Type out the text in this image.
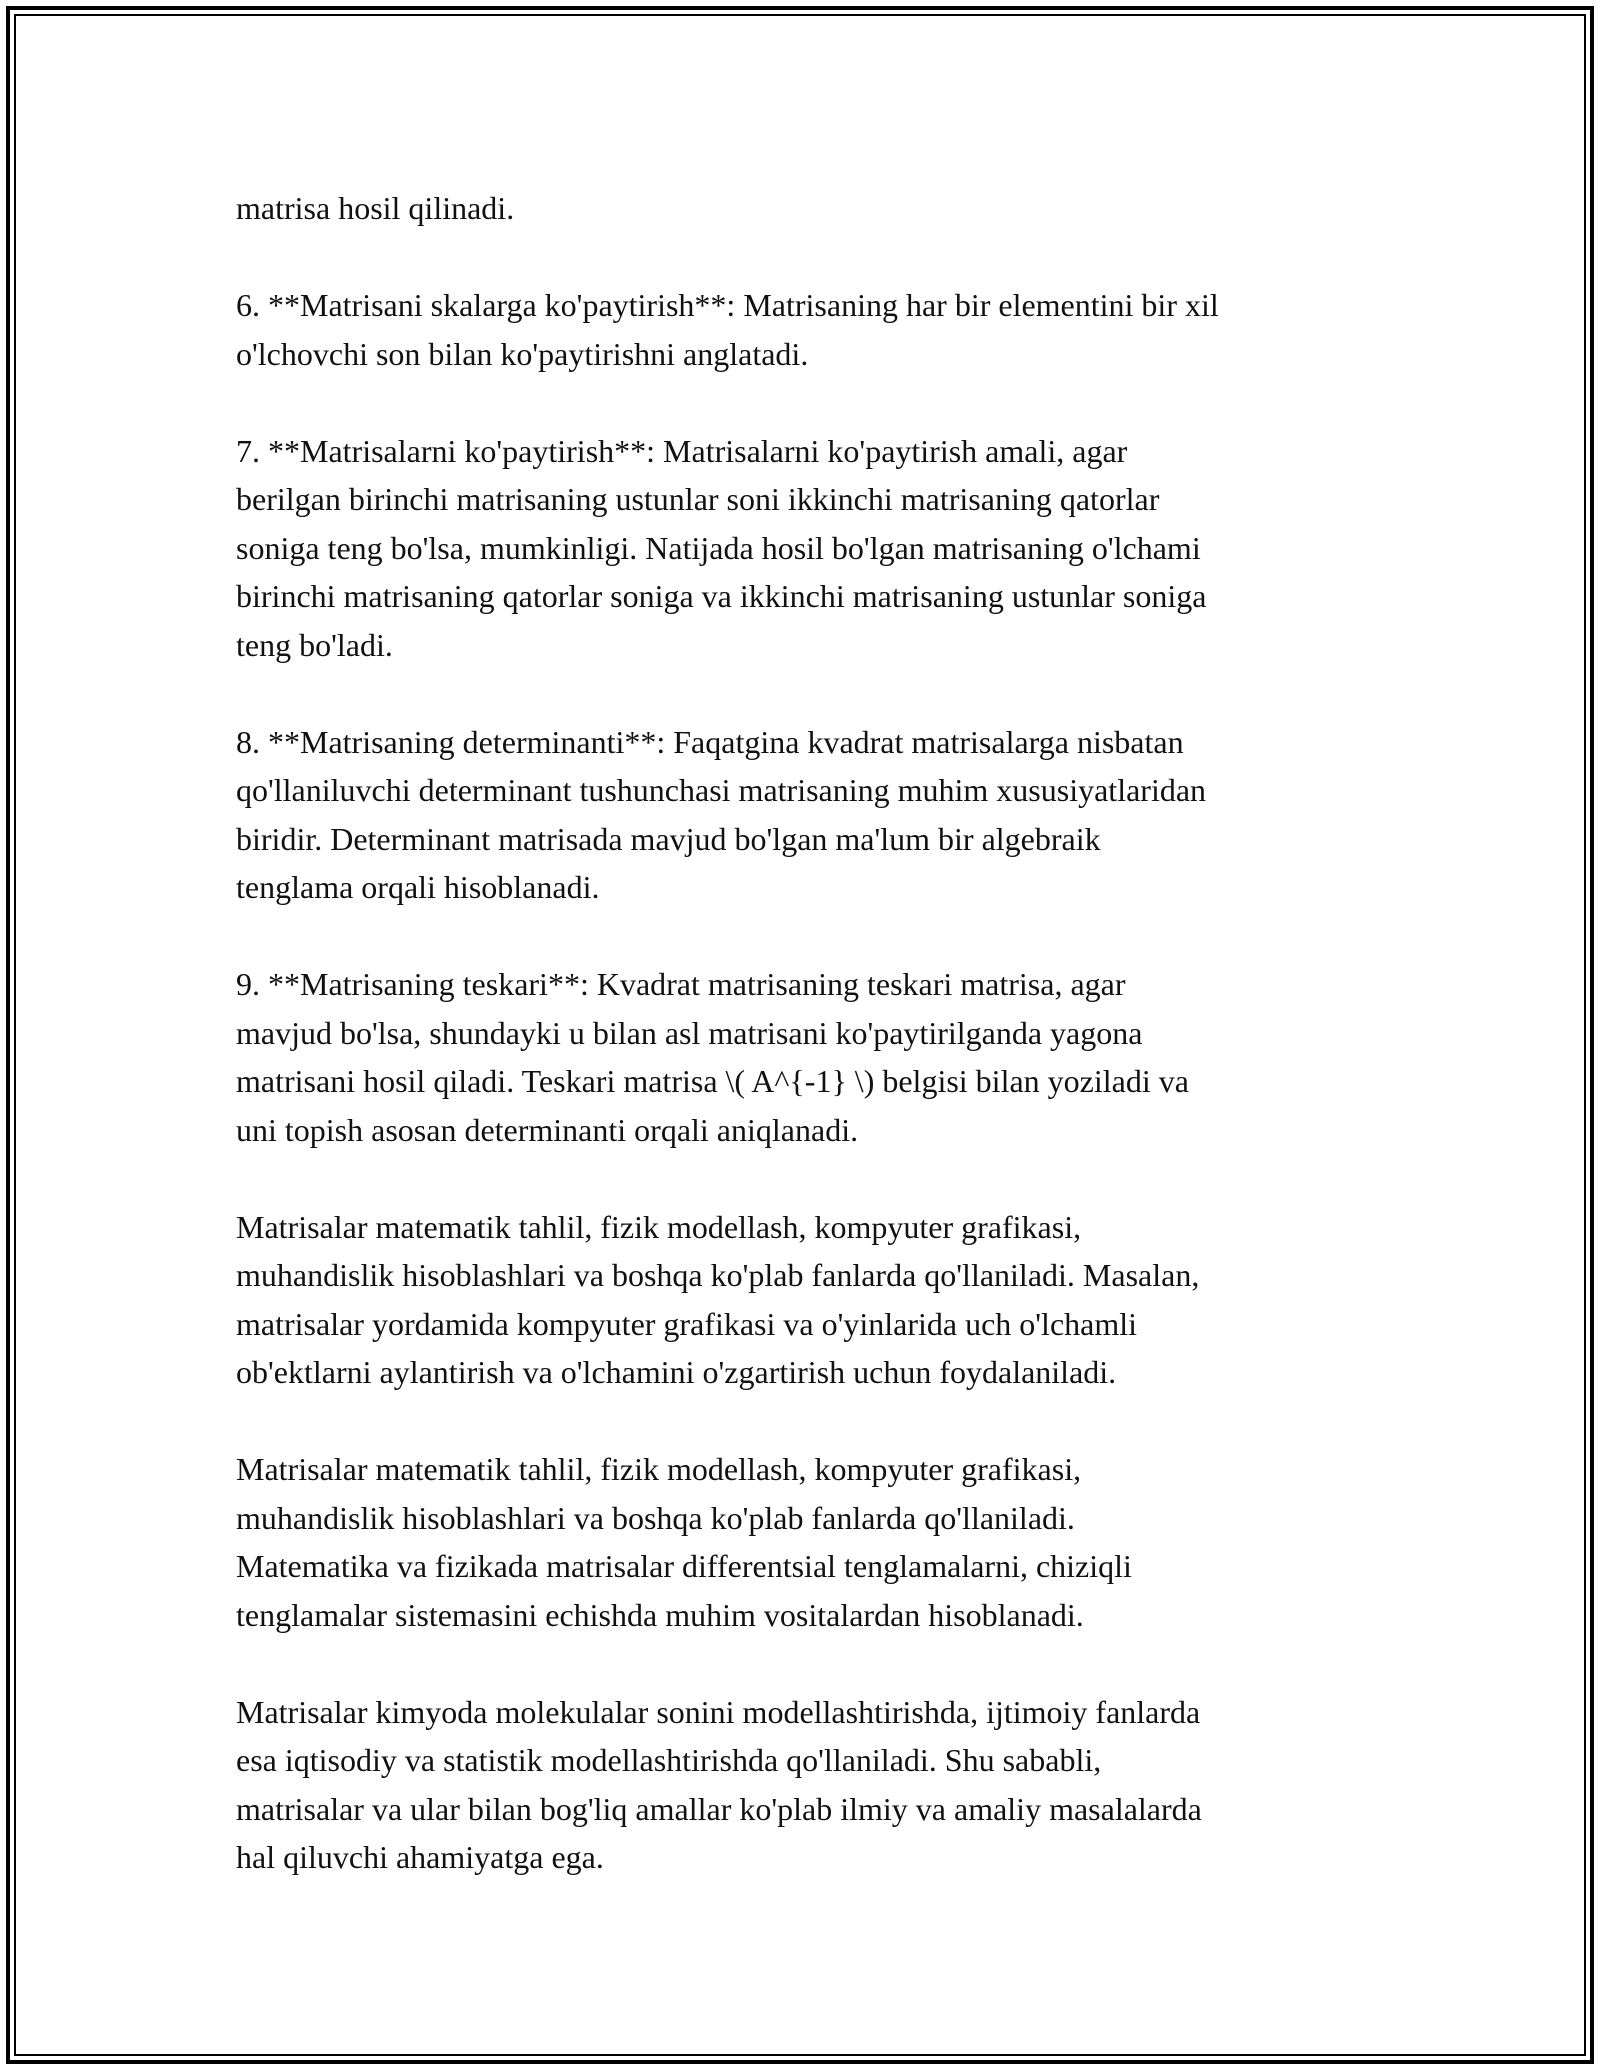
matrisa hosil qilinadi.

6. **Matrisani skalarga ko'paytirish**: Matrisaning har bir elementini bir xil
o'lchovchi son bilan ko'paytirishni anglatadi.

7. **Matrisalarni ko'paytirish**: Matrisalarni ko'paytirish amali, agar
berilgan birinchi matrisaning ustunlar soni ikkinchi matrisaning qatorlar
soniga teng bo'lsa, mumkinligi. Natijada hosil bo'lgan matrisaning o'lchami
birinchi matrisaning qatorlar soniga va ikkinchi matrisaning ustunlar soniga
teng bo'ladi.

8. **Matrisaning determinanti**: Faqatgina kvadrat matrisalarga nisbatan
qo'llaniluvchi determinant tushunchasi matrisaning muhim xususiyatlaridan
biridir. Determinant matrisada mavjud bo'lgan ma'lum bir algebraik
tenglama orqali hisoblanadi.

9. **Matrisaning teskari**: Kvadrat matrisaning teskari matrisa, agar
mavjud bo'lsa, shundayki u bilan asl matrisani ko'paytirilganda yagona
matrisani hosil qiladi. Teskari matrisa \( A^{-1} \) belgisi bilan yoziladi va
uni topish asosan determinanti orqali aniqlanadi.

Matrisalar matematik tahlil, fizik modellash, kompyuter grafikasi,
muhandislik hisoblashlari va boshqa ko'plab fanlarda qo'llaniladi. Masalan,
matrisalar yordamida kompyuter grafikasi va o'yinlarida uch o'lchamli
ob'ektlarni aylantirish va o'lchamini o'zgartirish uchun foydalaniladi.

Matrisalar matematik tahlil, fizik modellash, kompyuter grafikasi,
muhandislik hisoblashlari va boshqa ko'plab fanlarda qo'llaniladi.
Matematika va fizikada matrisalar differentsial tenglamalarni, chiziqli
tenglamalar sistemasini echishda muhim vositalardan hisoblanadi.

Matrisalar kimyoda molekulalar sonini modellashtirishda, ijtimoiy fanlarda
esa iqtisodiy va statistik modellashtirishda qo'llaniladi. Shu sababli,
matrisalar va ular bilan bog'liq amallar ko'plab ilmiy va amaliy masalalarda
hal qiluvchi ahamiyatga ega.
